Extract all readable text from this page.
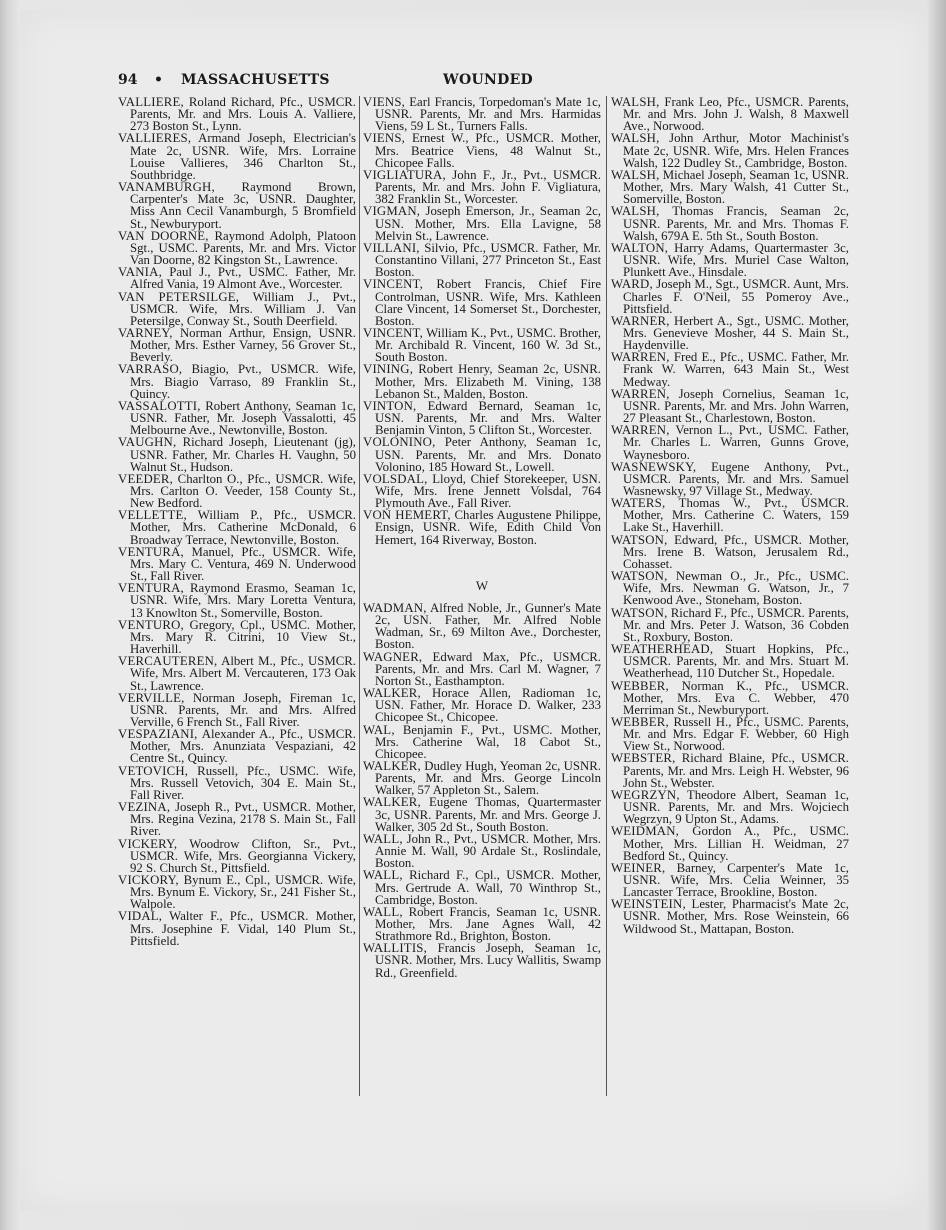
94 • MASSACHUSETTS	WOUNDED

VALLIERE, Roland Richard, Pfc., USMCR. Parents, Mr. and Mrs. Louis A. Valliere, 273 Boston St., Lynn.

VALLIERES, Armand Joseph, Electrician's Mate 2c, USNR. Wife, Mrs. Lorraine Louise Vallieres, 346 Charlton St., Southbridge.

VANAMBURGH, Raymond Brown, Carpenter's Mate 3c, USNR. Daughter, Miss Ann Cecil Vanamburgh, 5 Bromfield St., Newburyport.

VAN DOORNE, Raymond Adolph, Platoon Sgt., USMC. Parents, Mr. and Mrs. Victor Van Doorne, 82 Kingston St., Lawrence.

VANIA, Paul J., Pvt., USMC. Father, Mr. Alfred Vania, 19 Almont Ave., Worcester.

VAN PETERSILGE, William J., Pvt., USMCR. Wife, Mrs. William J. Van Petersilge, Conway St., South Deerfield.

VARNEY, Norman Arthur, Ensign, USNR. Mother, Mrs. Esther Varney, 56 Grover St., Beverly.

VARRASO, Biagio, Pvt., USMCR. Wife, Mrs. Biagio Varraso, 89 Franklin St., Quincy.

VASSALOTTI, Robert Anthony, Seaman 1c, USNR. Father, Mr. Joseph Vassalotti, 45 Melbourne Ave., Newtonville, Boston.

VAUGHN, Richard Joseph, Lieutenant (jg), USNR. Father, Mr. Charles H. Vaughn, 50 Walnut St., Hudson.

VEEDER, Charlton O., Pfc., USMCR. Wife, Mrs. Carlton O. Veeder, 158 County St., New Bedford.

VELLETTE, William P., Pfc., USMCR. Mother, Mrs. Catherine McDonald, 6 Broadway Terrace, Newtonville, Boston.

VENTURA, Manuel, Pfc., USMCR. Wife, Mrs. Mary C. Ventura, 469 N. Underwood St., Fall River.

VENTURA, Raymond Erasmo, Seaman 1c, USNR. Wife, Mrs. Mary Loretta Ventura, 13 Knowlton St., Somerville, Boston.

VENTURO, Gregory, Cpl., USMC. Mother, Mrs. Mary R. Citrini, 10 View St., Haverhill.

VERCAUTEREN, Albert M., Pfc., USMCR. Wife, Mrs. Albert M. Vercauteren, 173 Oak St., Lawrence.

VERVILLE, Norman Joseph, Fireman 1c, USNR. Parents, Mr. and Mrs. Alfred Verville, 6 French St., Fall River.

VESPAZIANI, Alexander A., Pfc., USMCR. Mother, Mrs. Anunziata Vespaziani, 42 Centre St., Quincy.

VETOVICH, Russell, Pfc., USMC. Wife, Mrs. Russell Vetovich, 304 E. Main St., Fall River.

VEZINA, Joseph R., Pvt., USMCR. Mother, Mrs. Regina Vezina, 2178 S. Main St., Fall River.

VICKERY, Woodrow Clifton, Sr., Pvt., USMCR. Wife, Mrs. Georgianna Vickery, 92 S. Church St., Pittsfield.

VICKORY, Bynum E., Cpl., USMCR. Wife, Mrs. Bynum E. Vickory, Sr., 241 Fisher St., Walpole.

VIDAL, Walter F., Pfc., USMCR. Mother, Mrs. Josephine F. Vidal, 140 Plum St., Pittsfield.

VIENS, Earl Francis, Torpedoman's Mate 1c, USNR. Parents, Mr. and Mrs. Harmidas Viens, 59 L St., Turners Falls.

VIENS, Ernest W., Pfc., USMCR. Mother, Mrs. Beatrice Viens, 48 Walnut St., Chicopee Falls.

VIGLIATURA, John F., Jr., Pvt., USMCR. Parents, Mr. and Mrs. John F. Vigliatura, 382 Franklin St., Worcester.

VIGMAN, Joseph Emerson, Jr., Seaman 2c, USN. Mother, Mrs. Ella Lavigne, 58 Melvin St., Lawrence.

VILLANI, Silvio, Pfc., USMCR. Father, Mr. Constantino Villani, 277 Princeton St., East Boston.

VINCENT, Robert Francis, Chief Fire Controlman, USNR. Wife, Mrs. Kathleen Clare Vincent, 14 Somerset St., Dorchester, Boston.

VINCENT, William K., Pvt., USMC. Brother, Mr. Archibald R. Vincent, 160 W. 3d St., South Boston.

VINING, Robert Henry, Seaman 2c, USNR. Mother, Mrs. Elizabeth M. Vining, 138 Lebanon St., Malden, Boston.

VINTON, Edward Bernard, Seaman 1c, USN. Parents, Mr. and Mrs. Walter Benjamin Vinton, 5 Clifton St., Worcester.

VOLONINO, Peter Anthony, Seaman 1c, USN. Parents, Mr. and Mrs. Donato Volonino, 185 Howard St., Lowell.

VOLSDAL, Lloyd, Chief Storekeeper, USN. Wife, Mrs. Irene Jennett Volsdal, 764 Plymouth Ave., Fall River.

VON HEMERT, Charles Augustene Philippe, Ensign, USNR. Wife, Edith Child Von Hemert, 164 Riverway, Boston.

W

WADMAN, Alfred Noble, Jr., Gunner's Mate 2c, USN. Father, Mr. Alfred Noble Wadman, Sr., 69 Milton Ave., Dorchester, Boston.

WAGNER, Edward Max, Pfc., USMCR. Parents, Mr. and Mrs. Carl M. Wagner, 7 Norton St., Easthampton.

WALKER, Horace Allen, Radioman 1c, USN. Father, Mr. Horace D. Walker, 233 Chicopee St., Chicopee.

WAL, Benjamin F., Pvt., USMC. Mother, Mrs. Catherine Wal, 18 Cabot St., Chicopee.

WALKER, Dudley Hugh, Yeoman 2c, USNR. Parents, Mr. and Mrs. George Lincoln Walker, 57 Appleton St., Salem.

WALKER, Eugene Thomas, Quartermaster 3c, USNR. Parents, Mr. and Mrs. George J. Walker, 305 2d St., South Boston.

WALL, John R., Pvt., USMCR. Mother, Mrs. Annie M. Wall, 90 Ardale St., Roslindale, Boston.

WALL, Richard F., Cpl., USMCR. Mother, Mrs. Gertrude A. Wall, 70 Winthrop St., Cambridge, Boston.

WALL, Robert Francis, Seaman 1c, USNR. Mother, Mrs. Jane Agnes Wall, 42 Strathmore Rd., Brighton, Boston.

WALLITIS, Francis Joseph, Seaman 1c, USNR. Mother, Mrs. Lucy Wallitis, Swamp Rd., Greenfield.

WALSH, Frank Leo, Pfc., USMCR. Parents, Mr. and Mrs. John J. Walsh, 8 Maxwell Ave., Norwood.

WALSH, John Arthur, Motor Machinist's Mate 2c, USNR. Wife, Mrs. Helen Frances Walsh, 122 Dudley St., Cambridge, Boston.

WALSH, Michael Joseph, Seaman 1c, USNR. Mother, Mrs. Mary Walsh, 41 Cutter St., Somerville, Boston.

WALSH, Thomas Francis, Seaman 2c, USNR. Parents, Mr. and Mrs. Thomas F. Walsh, 679A E. 5th St., South Boston.

WALTON, Harry Adams, Quartermaster 3c, USNR. Wife, Mrs. Muriel Case Walton, Plunkett Ave., Hinsdale.

WARD, Joseph M., Sgt., USMCR. Aunt, Mrs. Charles F. O'Neil, 55 Pomeroy Ave., Pittsfield.

WARNER, Herbert A., Sgt., USMC. Mother, Mrs. Genevieve Mosher, 44 S. Main St., Haydenville.

WARREN, Fred E., Pfc., USMC. Father, Mr. Frank W. Warren, 643 Main St., West Medway.

WARREN, Joseph Cornelius, Seaman 1c, USNR. Parents, Mr. and Mrs. John Warren, 27 Pleasant St., Charlestown, Boston.

WARREN, Vernon L., Pvt., USMC. Father, Mr. Charles L. Warren, Gunns Grove, Waynesboro.

WASNEWSKY, Eugene Anthony, Pvt., USMCR. Parents, Mr. and Mrs. Samuel Wasnewsky, 97 Village St., Medway.

WATERS, Thomas W., Pvt., USMCR. Mother, Mrs. Catherine C. Waters, 159 Lake St., Haverhill.

WATSON, Edward, Pfc., USMCR. Mother, Mrs. Irene B. Watson, Jerusalem Rd., Cohasset.

WATSON, Newman O., Jr., Pfc., USMC. Wife, Mrs. Newman G. Watson, Jr., 7 Kenwood Ave., Stoneham, Boston.

WATSON, Richard F., Pfc., USMCR. Parents, Mr. and Mrs. Peter J. Watson, 36 Cobden St., Roxbury, Boston.

WEATHERHEAD, Stuart Hopkins, Pfc., USMCR. Parents, Mr. and Mrs. Stuart M. Weatherhead, 110 Dutcher St., Hopedale.

WEBBER, Norman K., Pfc., USMCR. Mother, Mrs. Eva C. Webber, 470 Merriman St., Newburyport.

WEBBER, Russell H., Pfc., USMC. Parents, Mr. and Mrs. Edgar F. Webber, 60 High View St., Norwood.

WEBSTER, Richard Blaine, Pfc., USMCR. Parents, Mr. and Mrs. Leigh H. Webster, 96 John St., Webster.

WEGRZYN, Theodore Albert, Seaman 1c, USNR. Parents, Mr. and Mrs. Wojciech Wegrzyn, 9 Upton St., Adams.

WEIDMAN, Gordon A., Pfc., USMC. Mother, Mrs. Lillian H. Weidman, 27 Bedford St., Quincy.

WEINER, Barney, Carpenter's Mate 1c, USNR. Wife, Mrs. Celia Weinner, 35 Lancaster Terrace, Brookline, Boston.

WEINSTEIN, Lester, Pharmacist's Mate 2c, USNR. Mother, Mrs. Rose Weinstein, 66 Wildwood St., Mattapan, Boston.
